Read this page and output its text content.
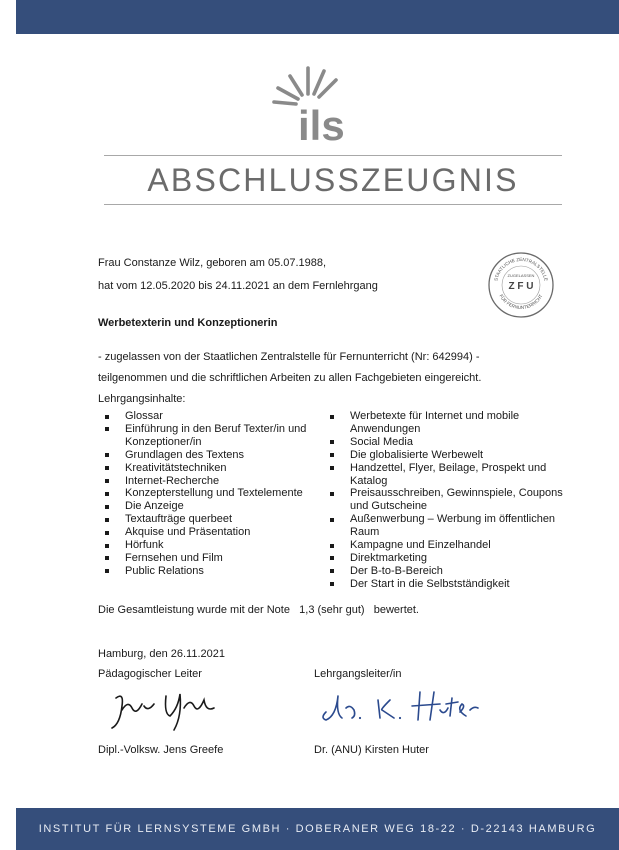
ils
ABSCHLUSSZEUGNIS
STAATLICHE ZENTRALSTELLE
FÜR FERNUNTERRICHT
ZUGELASSEN
Z F U
Frau Constanze Wilz, geboren am 05.07.1988,
hat vom 12.05.2020 bis 24.11.2021 an dem Fernlehrgang
Werbetexterin und Konzeptionerin
- zugelassen von der Staatlichen Zentralstelle für Fernunterricht (Nr: 642994) -
teilgenommen und die schriftlichen Arbeiten zu allen Fachgebieten eingereicht.
Lehrgangsinhalte:
Glossar
Einführung in den Beruf Texter/in und Konzeptioner/in
Grundlagen des Textens
Kreativitätstechniken
Internet-Recherche
Konzepterstellung und Textelemente
Die Anzeige
Textaufträge querbeet
Akquise und Präsentation
Hörfunk
Fernsehen und Film
Public Relations
Werbetexte für Internet und mobile Anwendungen
Social Media
Die globalisierte Werbewelt
Handzettel, Flyer, Beilage, Prospekt und Katalog
Preisausschreiben, Gewinnspiele, Coupons und Gutscheine
Außenwerbung – Werbung im öffentlichen Raum
Kampagne und Einzelhandel
Direktmarketing
Der B-to-B-Bereich
Der Start in die Selbstständigkeit
Die Gesamtleistung wurde mit der Note 1,3 (sehr gut) bewertet.
Hamburg, den 26.11.2021
Pädagogischer Leiter	Lehrgangsleiter/in
Dipl.-Volksw. Jens Greefe	Dr. (ANU) Kirsten Huter
INSTITUT FÜR LERNSYSTEME GMBH · DOBERANER WEG 18-22 · D-22143 HAMBURG
